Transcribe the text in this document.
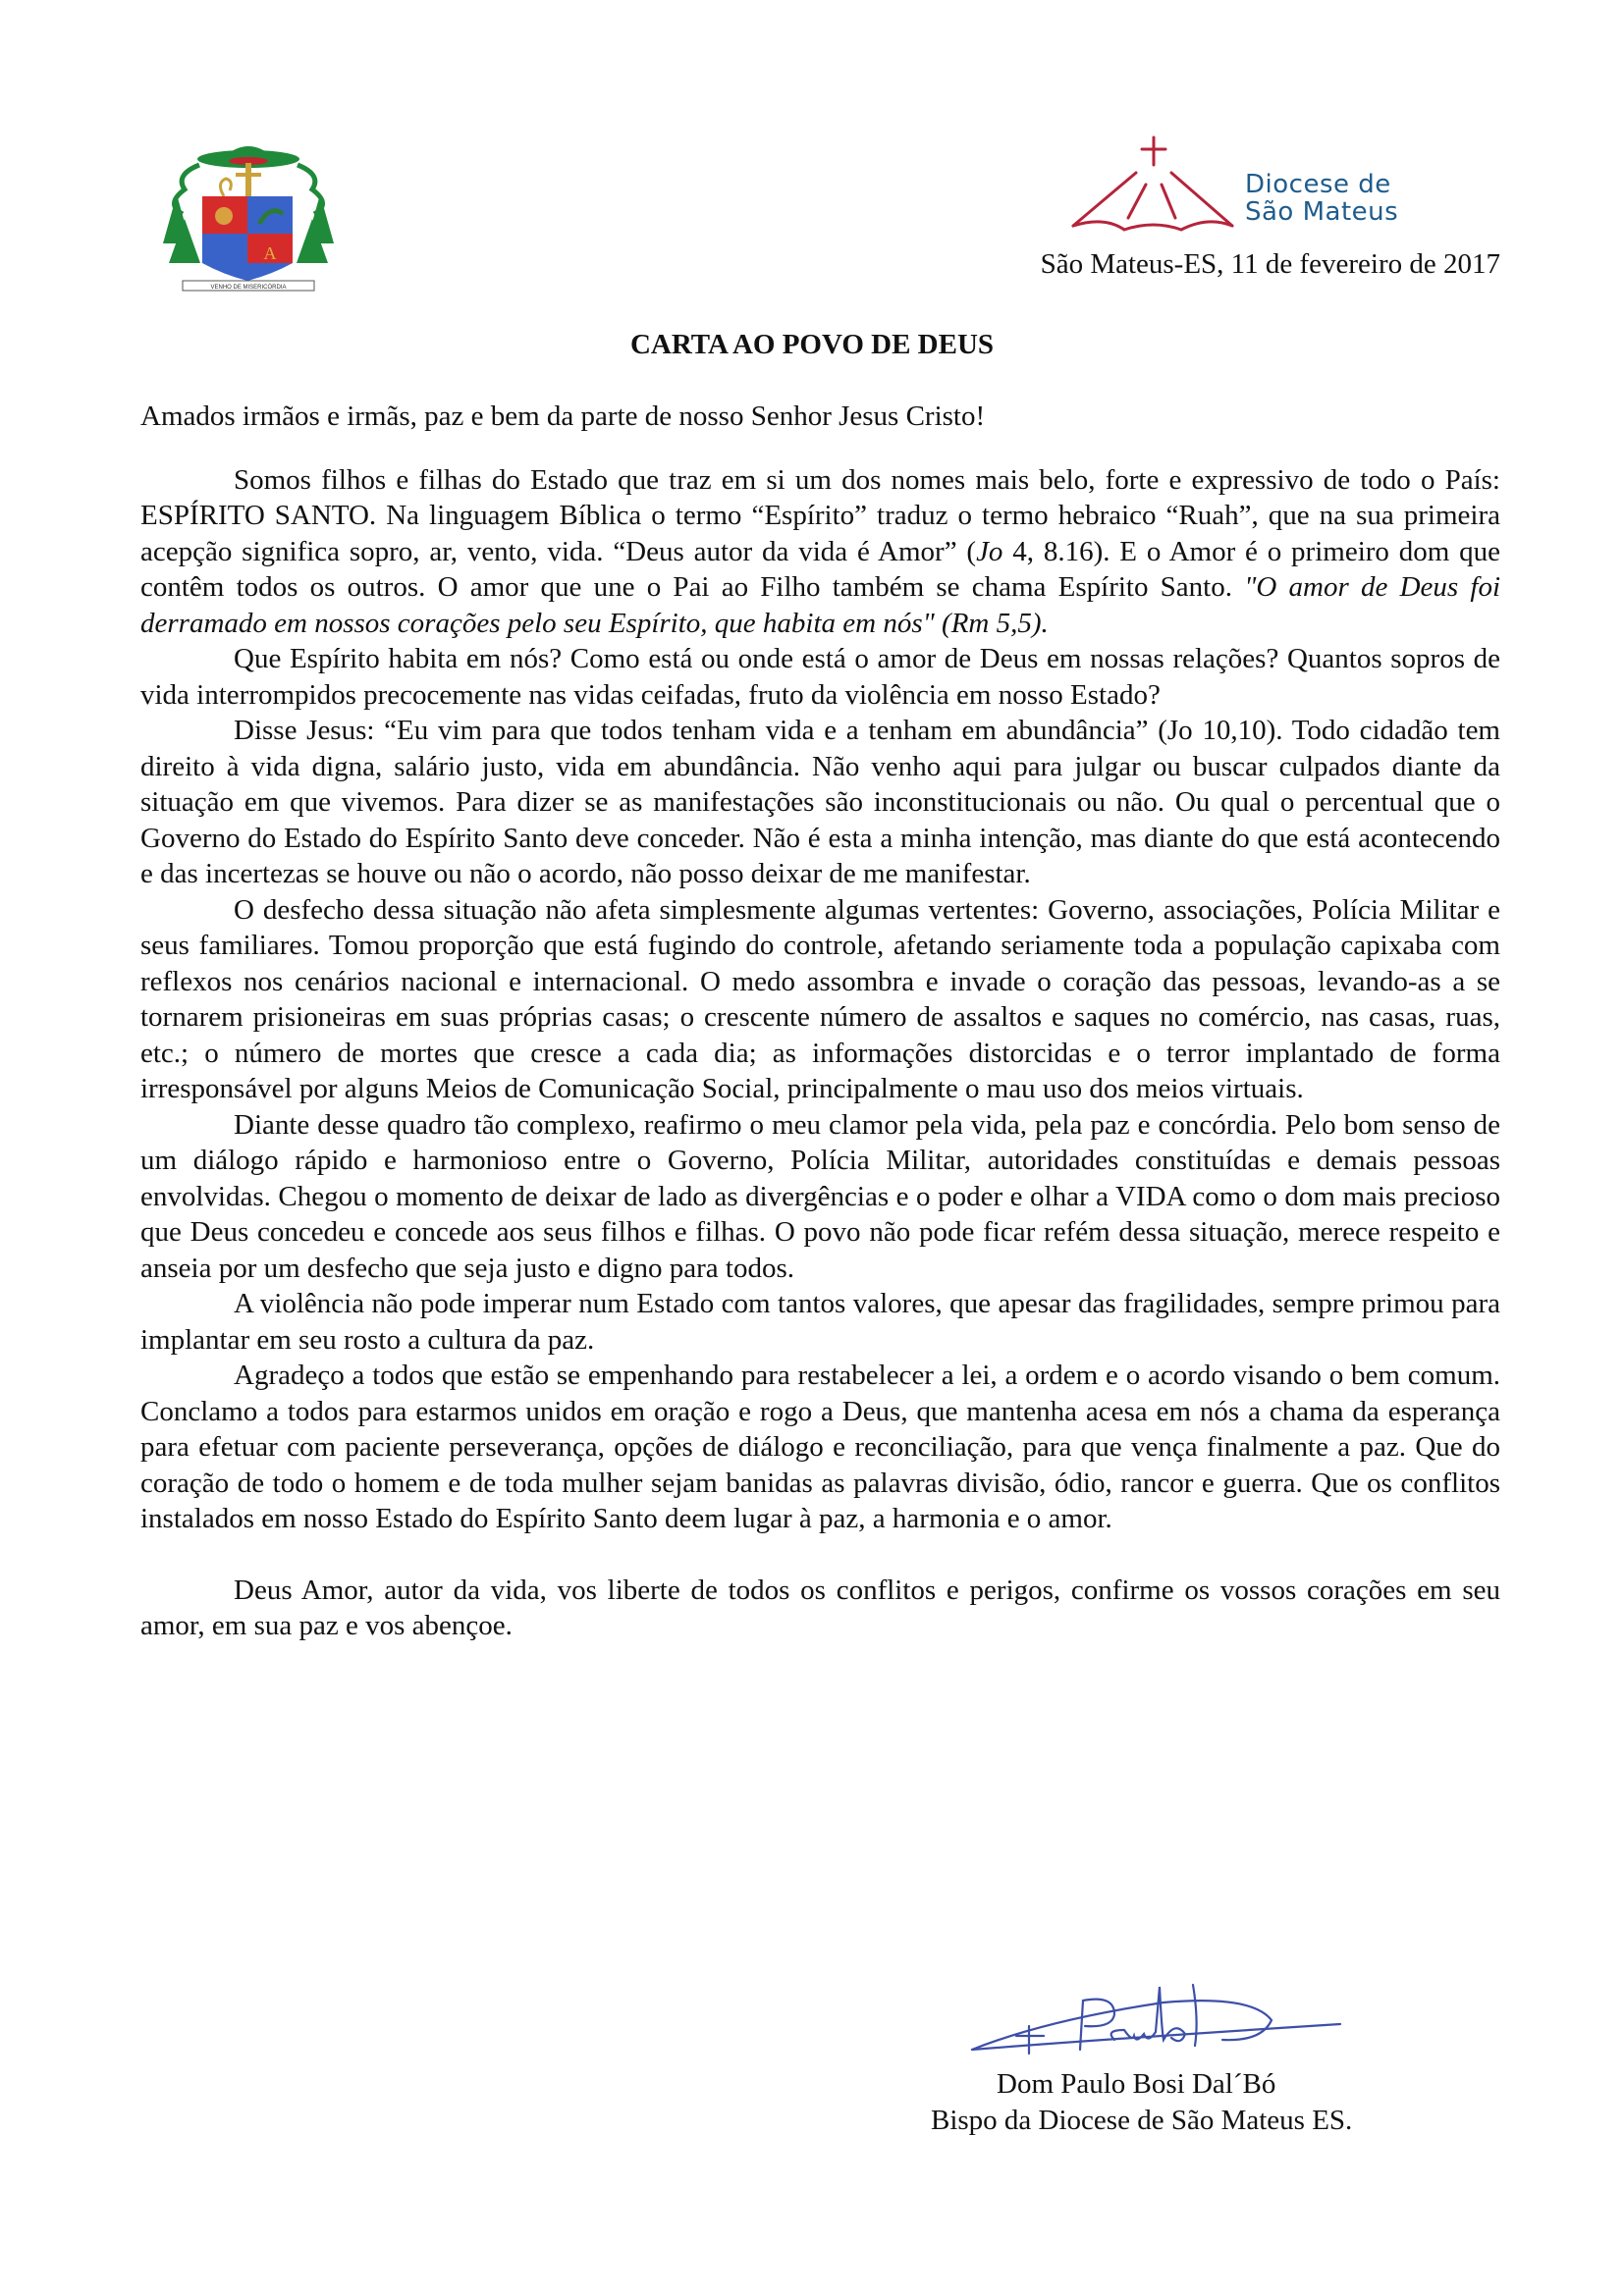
A
VENHO DE MISERICÓRDIA
Diocese de
São Mateus
São Mateus-ES, 11 de fevereiro de 2017
CARTA AO POVO DE DEUS

Amados irmãos e irmãs, paz e bem da parte de nosso Senhor Jesus Cristo!

Somos filhos e filhas do Estado que traz em si um dos nomes mais belo, forte e expressivo de todo o País: ESPÍRITO SANTO. Na linguagem Bíblica o termo “Espírito” traduz o termo hebraico “Ruah”, que na sua primeira acepção significa sopro, ar, vento, vida. “Deus autor da vida é Amor” (Jo 4, 8.16). E o Amor é o primeiro dom que contêm todos os outros. O amor que une o Pai ao Filho também se chama Espírito Santo. "O amor de Deus foi derramado em nossos corações pelo seu Espírito, que habita em nós" (Rm 5,5).

Que Espírito habita em nós? Como está ou onde está o amor de Deus em nossas relações? Quantos sopros de vida interrompidos precocemente nas vidas ceifadas, fruto da violência em nosso Estado?

Disse Jesus: “Eu vim para que todos tenham vida e a tenham em abundância” (Jo 10,10). Todo cidadão tem direito à vida digna, salário justo, vida em abundância. Não venho aqui para julgar ou buscar culpados diante da situação em que vivemos. Para dizer se as manifestações são inconstitucionais ou não. Ou qual o percentual que o Governo do Estado do Espírito Santo deve conceder. Não é esta a minha intenção, mas diante do que está acontecendo e das incertezas se houve ou não o acordo, não posso deixar de me manifestar.

O desfecho dessa situação não afeta simplesmente algumas vertentes: Governo, associações, Polícia Militar e seus familiares. Tomou proporção que está fugindo do controle, afetando seriamente toda a população capixaba com reflexos nos cenários nacional e internacional. O medo assombra e invade o coração das pessoas, levando-as a se tornarem prisioneiras em suas próprias casas; o crescente número de assaltos e saques no comércio, nas casas, ruas, etc.; o número de mortes que cresce a cada dia; as informações distorcidas e o terror implantado de forma irresponsável por alguns Meios de Comunicação Social, principalmente o mau uso dos meios virtuais.

Diante desse quadro tão complexo, reafirmo o meu clamor pela vida, pela paz e concórdia. Pelo bom senso de um diálogo rápido e harmonioso entre o Governo, Polícia Militar, autoridades constituídas e demais pessoas envolvidas. Chegou o momento de deixar de lado as divergências e o poder e olhar a VIDA como o dom mais precioso que Deus concedeu e concede aos seus filhos e filhas. O povo não pode ficar refém dessa situação, merece respeito e anseia por um desfecho que seja justo e digno para todos.

A violência não pode imperar num Estado com tantos valores, que apesar das fragilidades, sempre primou para implantar em seu rosto a cultura da paz.

Agradeço a todos que estão se empenhando para restabelecer a lei, a ordem e o acordo visando o bem comum. Conclamo a todos para estarmos unidos em oração e rogo a Deus, que mantenha acesa em nós a chama da esperança para efetuar com paciente perseverança, opções de diálogo e reconciliação, para que vença finalmente a paz. Que do coração de todo o homem e de toda mulher sejam banidas as palavras divisão, ódio, rancor e guerra. Que os conflitos instalados em nosso Estado do Espírito Santo deem lugar à paz, a harmonia e o amor.

Deus Amor, autor da vida, vos liberte de todos os conflitos e perigos, confirme os vossos corações em seu amor, em sua paz e vos abençoe.

Dom Paulo Bosi Dal´Bó
Bispo da Diocese de São Mateus ES.
